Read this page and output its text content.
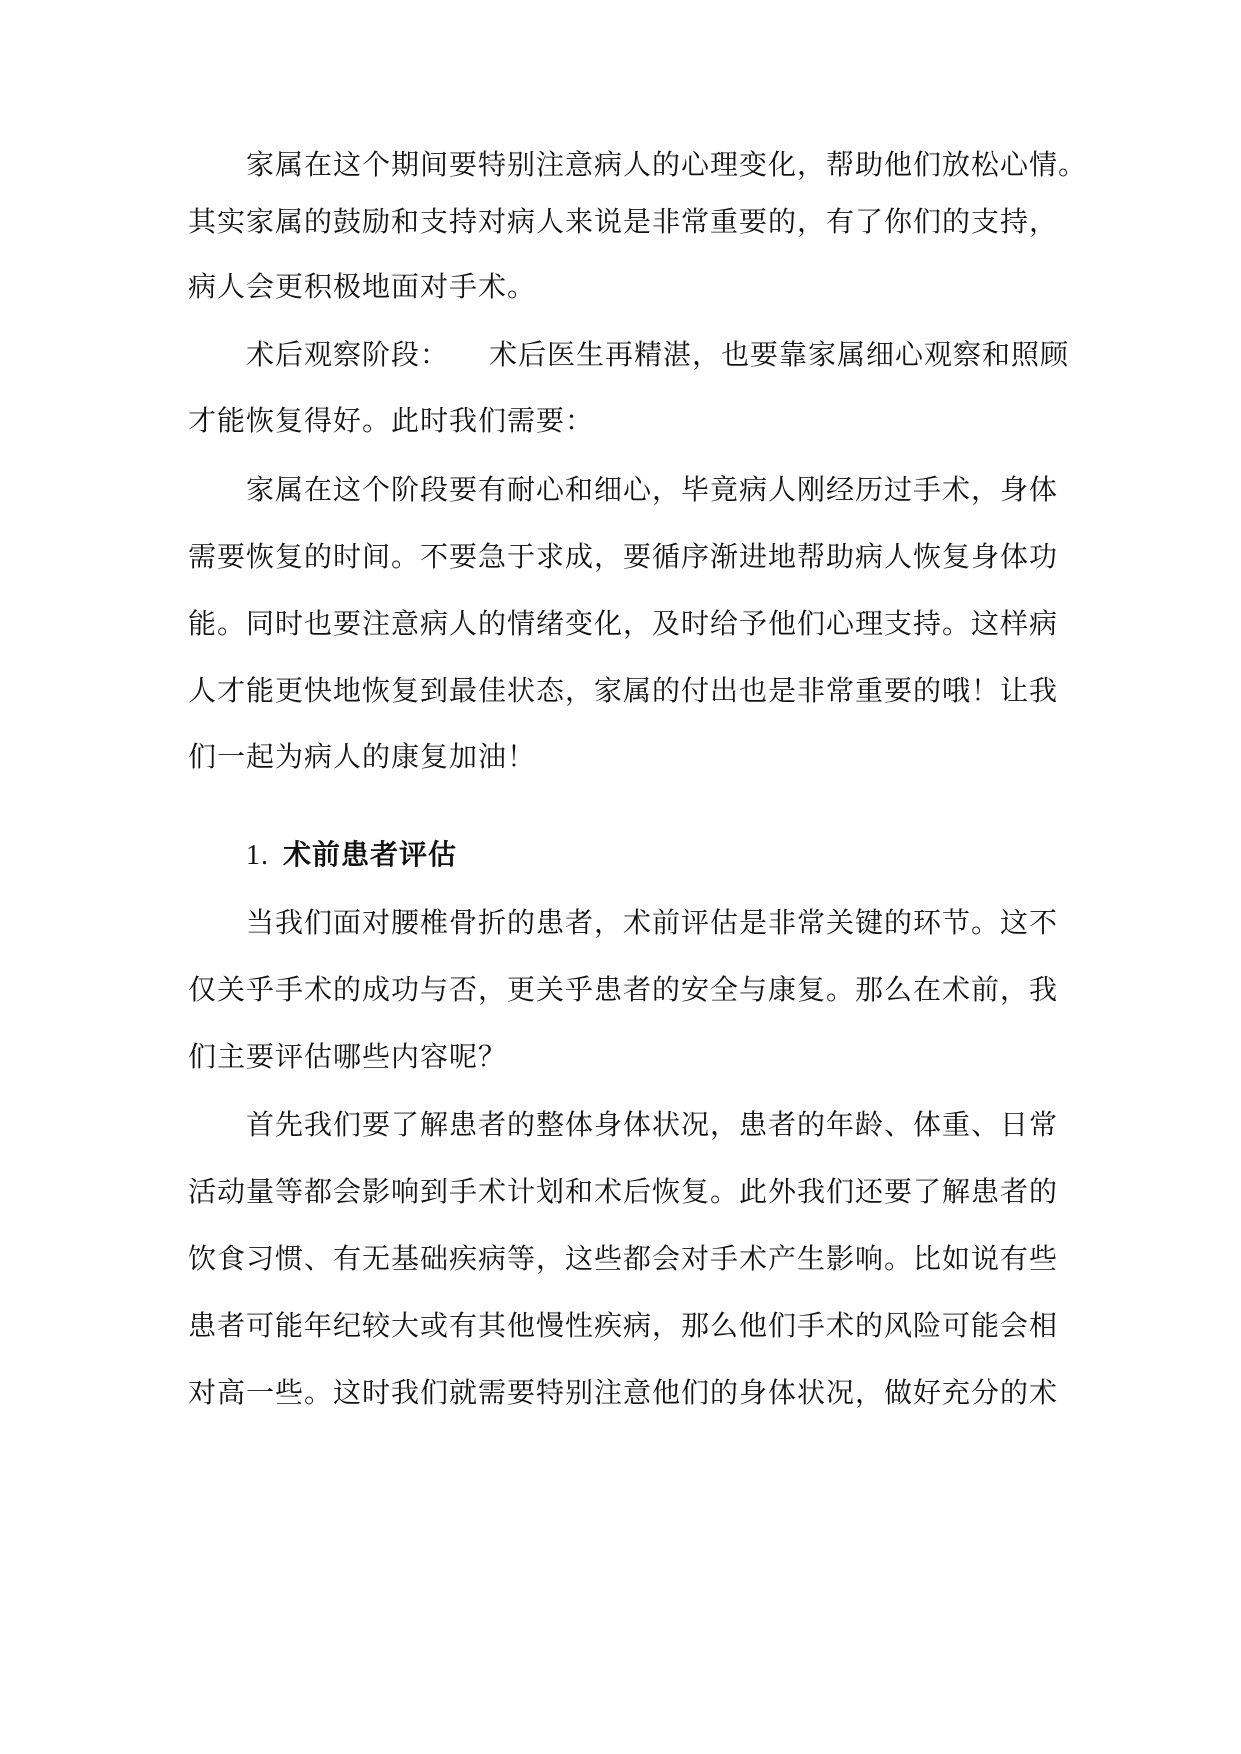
家属在这个期间要特别注意病人的心理变化，帮助他们放松心情。
其实家属的鼓励和支持对病人来说是非常重要的，有了你们的支持，
病人会更积极地面对手术。
术后观察阶段： 术后医生再精湛，也要靠家属细心观察和照顾
才能恢复得好。此时我们需要：
家属在这个阶段要有耐心和细心，毕竟病人刚经历过手术，身体
需要恢复的时间。不要急于求成，要循序渐进地帮助病人恢复身体功
能。同时也要注意病人的情绪变化，及时给予他们心理支持。这样病
人才能更快地恢复到最佳状态，家属的付出也是非常重要的哦！让我
们一起为病人的康复加油！
1. 术前患者评估
当我们面对腰椎骨折的患者，术前评估是非常关键的环节。这不
仅关乎手术的成功与否，更关乎患者的安全与康复。那么在术前，我
们主要评估哪些内容呢？
首先我们要了解患者的整体身体状况，患者的年龄、体重、日常
活动量等都会影响到手术计划和术后恢复。此外我们还要了解患者的
饮食习惯、有无基础疾病等，这些都会对手术产生影响。比如说有些
患者可能年纪较大或有其他慢性疾病，那么他们手术的风险可能会相
对高一些。这时我们就需要特别注意他们的身体状况，做好充分的术
